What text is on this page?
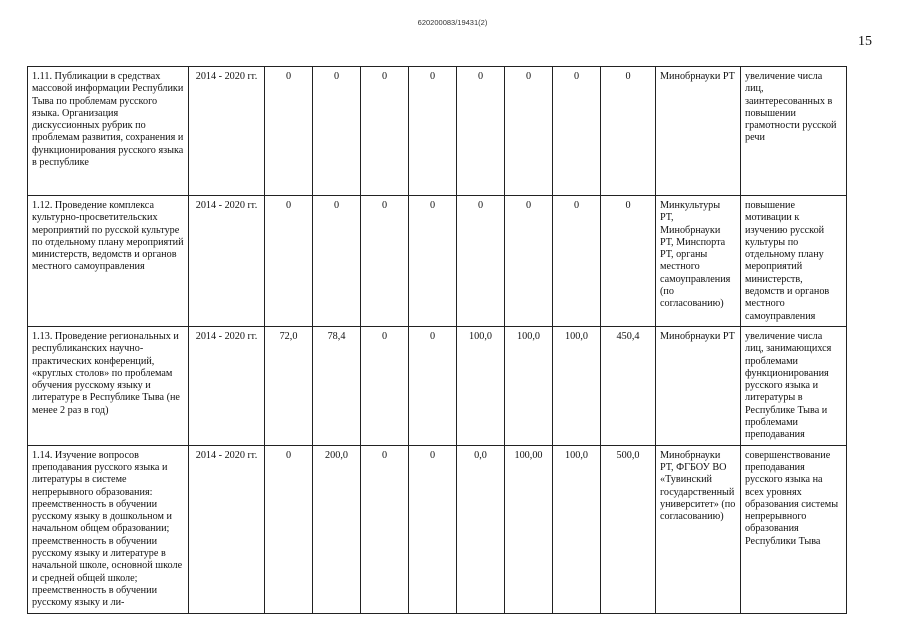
620200083/19431(2)
15
1.11. Публикации в средствах массовой информации Республики Тыва по проблемам русского языка. Организация дискуссионных рубрик по проблемам развития, сохранения и функционирования русского языка в республике	2014 - 2020 гг.	0	0	0	0	0	0	0	0	Минобрнауки РТ	увеличение числа лиц, заинтересованных в повышении грамотности русской речи
1.12. Проведение комплекса культурно-просветительских мероприятий по русской культуре по отдельному плану мероприятий министерств, ведомств и органов местного самоуправления	2014 - 2020 гг.	0	0	0	0	0	0	0	0	Минкультуры РТ, Минобрнауки РТ, Минспорта РТ, органы местного самоуправления (по согласованию)	повышение мотивации к изучению русской культуры по отдельному плану мероприятий министерств, ведомств и органов местного самоуправления
1.13. Проведение региональных и республиканских научно-практических конференций, «круглых столов» по проблемам обучения русскому языку и литературе в Республике Тыва (не менее 2 раз в год)	2014 - 2020 гг.	72,0	78,4	0	0	100,0	100,0	100,0	450,4	Минобрнауки РТ	увеличение числа лиц, занимающихся проблемами функционирования русского языка и литературы в Республике Тыва и проблемами преподавания
1.14. Изучение вопросов преподавания русского языка и литературы в системе непрерывного образования: преемственность в обучении русскому языку в дошкольном и начальном общем образовании; преемственность в обучении русскому языку и литературе в начальной школе, основной школе и средней общей школе; преемственность в обучении русскому языку и ли-	2014 - 2020 гг.	0	200,0	0	0	0,0	100,00	100,0	500,0	Минобрнауки РТ, ФГБОУ ВО «Тувинский государственный университет» (по согласованию)	совершенствование преподавания русского языка на всех уровнях образования системы непрерывного образования Республики Тыва
